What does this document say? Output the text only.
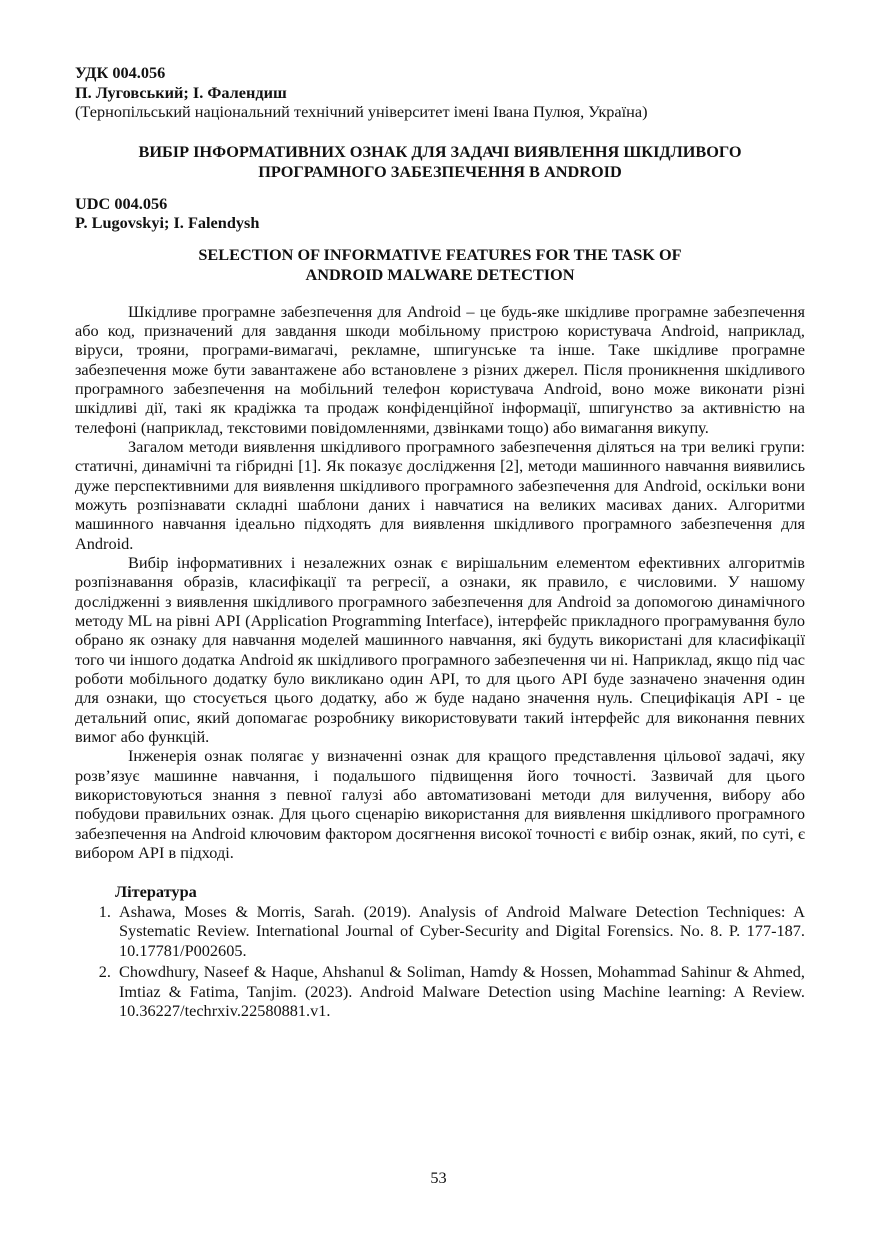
УДК 004.056

П. Луговський; І. Фалендиш

(Тернопільський національний технічний університет імені Івана Пулюя, Україна)

ВИБІР ІНФОРМАТИВНИХ ОЗНАК ДЛЯ ЗАДАЧІ ВИЯВЛЕННЯ ШКІДЛИВОГО

ПРОГРАМНОГО ЗАБЕЗПЕЧЕННЯ В ANDROID

UDC 004.056

P. Lugovskyi; I. Falendysh

SELECTION OF INFORMATIVE FEATURES FOR THE TASK OF

ANDROID MALWARE DETECTION

Шкідливе програмне забезпечення для Android – це будь-яке шкідливе програмне забезпечення або код, призначений для завдання шкоди мобільному пристрою користувача Android, наприклад, віруси, трояни, програми-вимагачі, рекламне, шпигунське та інше. Таке шкідливе програмне забезпечення може бути завантажене або встановлене з різних джерел. Після проникнення шкідливого програмного забезпечення на мобільний телефон користувача Android, воно може виконати різні шкідливі дії, такі як крадіжка та продаж конфіденційної інформації, шпигунство за активністю на телефоні (наприклад, текстовими повідомленнями, дзвінками тощо) або вимагання викупу.

Загалом методи виявлення шкідливого програмного забезпечення діляться на три великі групи: статичні, динамічні та гібридні [1]. Як показує дослідження [2], методи машинного навчання виявились дуже перспективними для виявлення шкідливого програмного забезпечення для Android, оскільки вони можуть розпізнавати складні шаблони даних і навчатися на великих масивах даних. Алгоритми машинного навчання ідеально підходять для виявлення шкідливого програмного забезпечення для Android.

Вибір інформативних і незалежних ознак є вирішальним елементом ефективних алгоритмів розпізнавання образів, класифікації та регресії, а ознаки, як правило, є числовими. У нашому дослідженні з виявлення шкідливого програмного забезпечення для Android за допомогою динамічного методу ML на рівні API (Application Programming Interface), інтерфейс прикладного програмування було обрано як ознаку для навчання моделей машинного навчання, які будуть використані для класифікації того чи іншого додатка Android як шкідливого програмного забезпечення чи ні. Наприклад, якщо під час роботи мобільного додатку було викликано один API, то для цього API буде зазначено значення один для ознаки, що стосується цього додатку, або ж буде надано значення нуль. Специфікація API - це детальний опис, який допомагає розробнику використовувати такий інтерфейс для виконання певних вимог або функцій.

Інженерія ознак полягає у визначенні ознак для кращого представлення цільової задачі, яку розв’язує машинне навчання, і подальшого підвищення його точності. Зазвичай для цього використовуються знання з певної галузі або автоматизовані методи для вилучення, вибору або побудови правильних ознак. Для цього сценарію використання для виявлення шкідливого програмного забезпечення на Android ключовим фактором досягнення високої точності є вибір ознак, який, по суті, є вибором API в підході.

Література

1. Ashawa, Moses & Morris, Sarah. (2019). Analysis of Android Malware Detection Techniques: A Systematic Review. International Journal of Cyber-Security and Digital Forensics. No. 8. P. 177-187. 10.17781/P002605.
2. Chowdhury, Naseef & Haque, Ahshanul & Soliman, Hamdy & Hossen, Mohammad Sahinur & Ahmed, Imtiaz & Fatima, Tanjim. (2023). Android Malware Detection using Machine learning: A Review. 10.36227/techrxiv.22580881.v1.
53
